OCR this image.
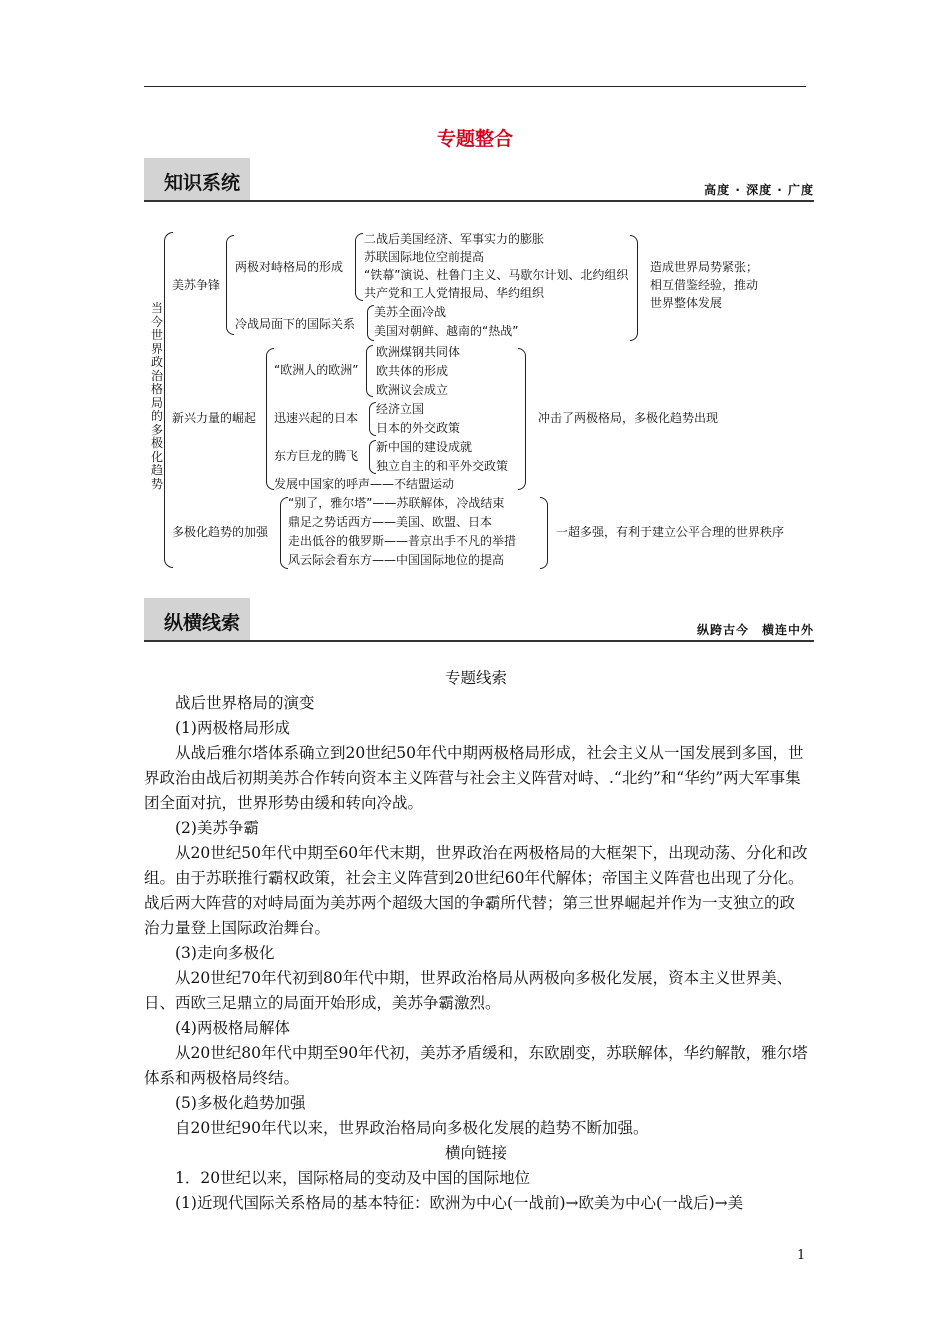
专题整合
知识系统	高度 · 深度 · 广度
当今世界政治格局的多极化趋势
美苏争锋
两极对峙格局的形成
二战后美国经济、军事实力的膨胀
苏联国际地位空前提高
“铁幕”演说、杜鲁门主义、马歇尔计划、北约组织
共产党和工人党情报局、华约组织
冷战局面下的国际关系
美苏全面冷战
美国对朝鲜、越南的“热战”
造成世界局势紧张；
相互借鉴经验，推动
世界整体发展
新兴力量的崛起
“欧洲人的欧洲”
欧洲煤钢共同体
欧共体的形成
欧洲议会成立
迅速兴起的日本
经济立国
日本的外交政策
东方巨龙的腾飞
新中国的建设成就
独立自主的和平外交政策
发展中国家的呼声——不结盟运动
冲击了两极格局，多极化趋势出现
多极化趋势的加强
“别了，雅尔塔”——苏联解体，冷战结束
鼎足之势话西方——美国、欧盟、日本
走出低谷的俄罗斯——普京出手不凡的举措
风云际会看东方——中国国际地位的提高
一超多强，有利于建立公平合理的世界秩序
纵横线索	纵跨古今　横连中外

专题线索

战后世界格局的演变

(1)两极格局形成

从战后雅尔塔体系确立到20世纪50年代中期两极格局形成，社会主义从一国发展到多国，世界政治由战后初期美苏合作转向资本主义阵营与社会主义阵营对峙、.“北约”和“华约”两大军事集团全面对抗，世界形势由缓和转向冷战。

(2)美苏争霸

从20世纪50年代中期至60年代末期，世界政治在两极格局的大框架下，出现动荡、分化和改组。由于苏联推行霸权政策，社会主义阵营到20世纪60年代解体；帝国主义阵营也出现了分化。战后两大阵营的对峙局面为美苏两个超级大国的争霸所代替；第三世界崛起并作为一支独立的政治力量登上国际政治舞台。

(3)走向多极化

从20世纪70年代初到80年代中期，世界政治格局从两极向多极化发展，资本主义世界美、日、西欧三足鼎立的局面开始形成，美苏争霸激烈。

(4)两极格局解体

从20世纪80年代中期至90年代初，美苏矛盾缓和，东欧剧变，苏联解体，华约解散，雅尔塔体系和两极格局终结。

(5)多极化趋势加强

自20世纪90年代以来，世界政治格局向多极化发展的趋势不断加强。

横向链接

1．20世纪以来，国际格局的变动及中国的国际地位

(1)近现代国际关系格局的基本特征：欧洲为中心(一战前)→欧美为中心(一战后)→美

1
